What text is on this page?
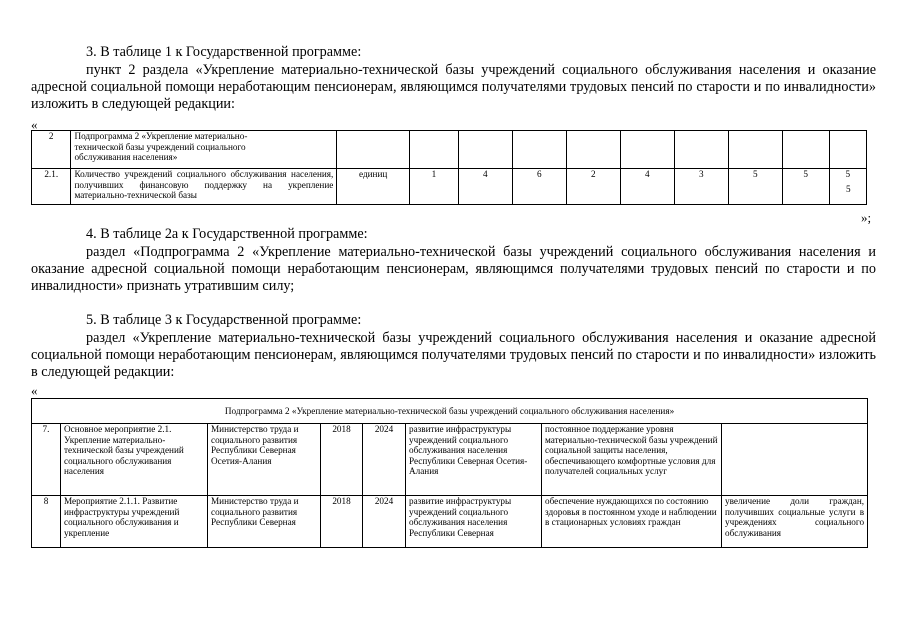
3. В таблице 1 к Государственной программе:

пункт 2 раздела «Укрепление материально-технической базы учреждений социального обслуживания населения и оказание адресной социальной помощи неработающим пенсионерам, являющимся получателями трудовых пенсий по старости и по инвалидности» изложить в следующей редакции:

«
2	Подпрограмма 2 «Укрепление материально-технической базы учреждений социального обслуживания населения»										

2.1.	Количество учреждений социального обслуживания населения, получивших финансовую поддержку на укрепление материально-технической базы	единиц	1	4	6	2	4	3	5	5	5
5
»;

4. В таблице 2а к Государственной программе:

раздел «Подпрограмма 2 «Укрепление материально-технической базы учреждений социального обслуживания населения и оказание адресной социальной помощи неработающим пенсионерам, являющимся получателями трудовых пенсий по старости и по инвалидности» признать утратившим силу;

5. В таблице 3 к Государственной программе:

раздел «Укрепление материально-технической базы учреждений социального обслуживания населения и оказание адресной социальной помощи неработающим пенсионерам, являющимся получателями трудовых пенсий по старости и по инвалидности» изложить в следующей редакции:

«
Подпрограмма 2 «Укрепление материально-технической базы учреждений социального обслуживания населения»							
7.	Основное мероприятие 2.1. Укрепление материально-технической базы учреждений социального обслуживания населения	Министерство труда и социального развития Республики Северная Осетия-Алания	2018	2024	развитие инфраструктуры учреждений социального обслуживания населения Республики Северная Осетия-Алания	постоянное поддержание уровня материально-технической базы учреждений социальной защиты населения, обеспечивающего комфортные условия для получателей социальных услуг	
8	Мероприятие 2.1.1. Развитие инфраструктуры учреждений социального обслуживания и укрепление	Министерство труда и социального развития Республики Северная	2018	2024	развитие инфраструктуры учреждений социального обслуживания населения Республики Северная	обеспечение нуждающихся по состоянию здоровья в постоянном уходе и наблюдении в стационарных условиях граждан	увеличение доли граждан, получивших социальные услуги в учреждениях социального обслуживания
